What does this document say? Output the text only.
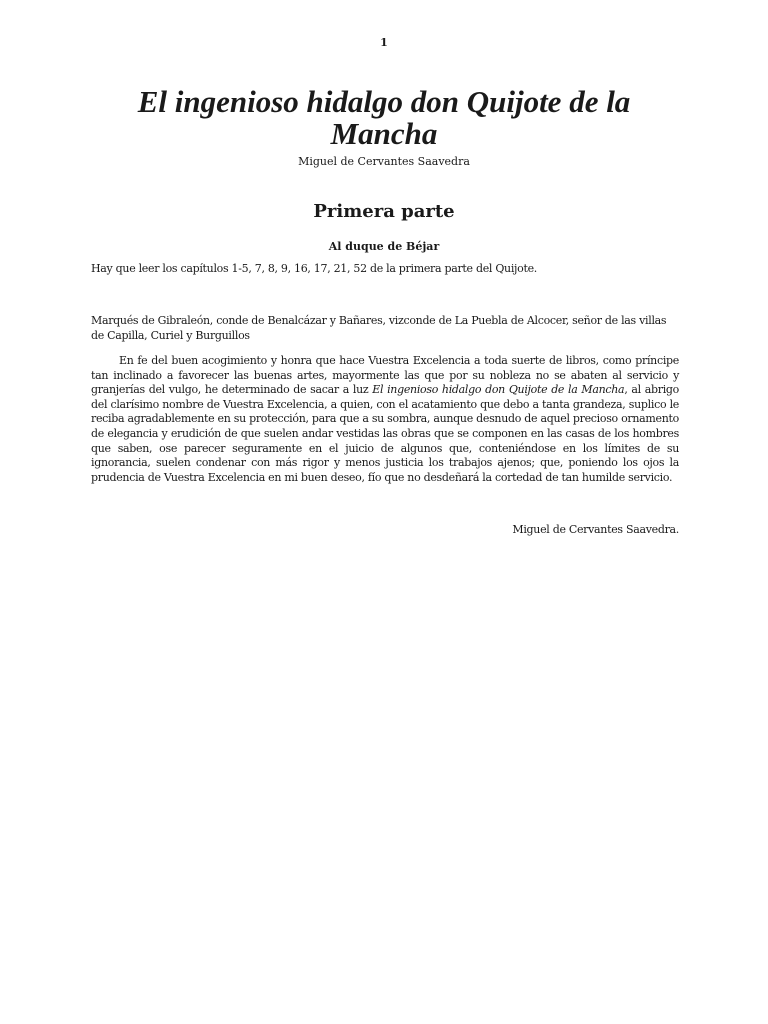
1
El ingenioso hidalgo don Quijote de la Mancha
Miguel de Cervantes Saavedra
Primera parte
Al duque de Béjar
Hay que leer los capítulos 1-5, 7, 8, 9, 16, 17, 21, 52 de la primera parte del Quijote.
Marqués de Gibraleón, conde de Benalcázar y Bañares, vizconde de La Puebla de Alcocer, señor de las villas de Capilla, Curiel y Burguillos

En fe del buen acogimiento y honra que hace Vuestra Excelencia a toda suerte de libros, como príncipe tan inclinado a favorecer las buenas artes, mayormente las que por su nobleza no se abaten al servicio y granjerías del vulgo, he determinado de sacar a luz El ingenioso hidalgo don Quijote de la Mancha, al abrigo del clarísimo nombre de Vuestra Excelencia, a quien, con el acatamiento que debo a tanta grandeza, suplico le reciba agradablemente en su protección, para que a su sombra, aunque desnudo de aquel precioso ornamento de elegancia y erudición de que suelen andar vestidas las obras que se componen en las casas de los hombres que saben, ose parecer seguramente en el juicio de algunos que, conteniéndose en los límites de su ignorancia, suelen condenar con más rigor y menos justicia los trabajos ajenos; que, poniendo los ojos la prudencia de Vuestra Excelencia en mi buen deseo, fío que no desdeñará la cortedad de tan humilde servicio.

Miguel de Cervantes Saavedra.
